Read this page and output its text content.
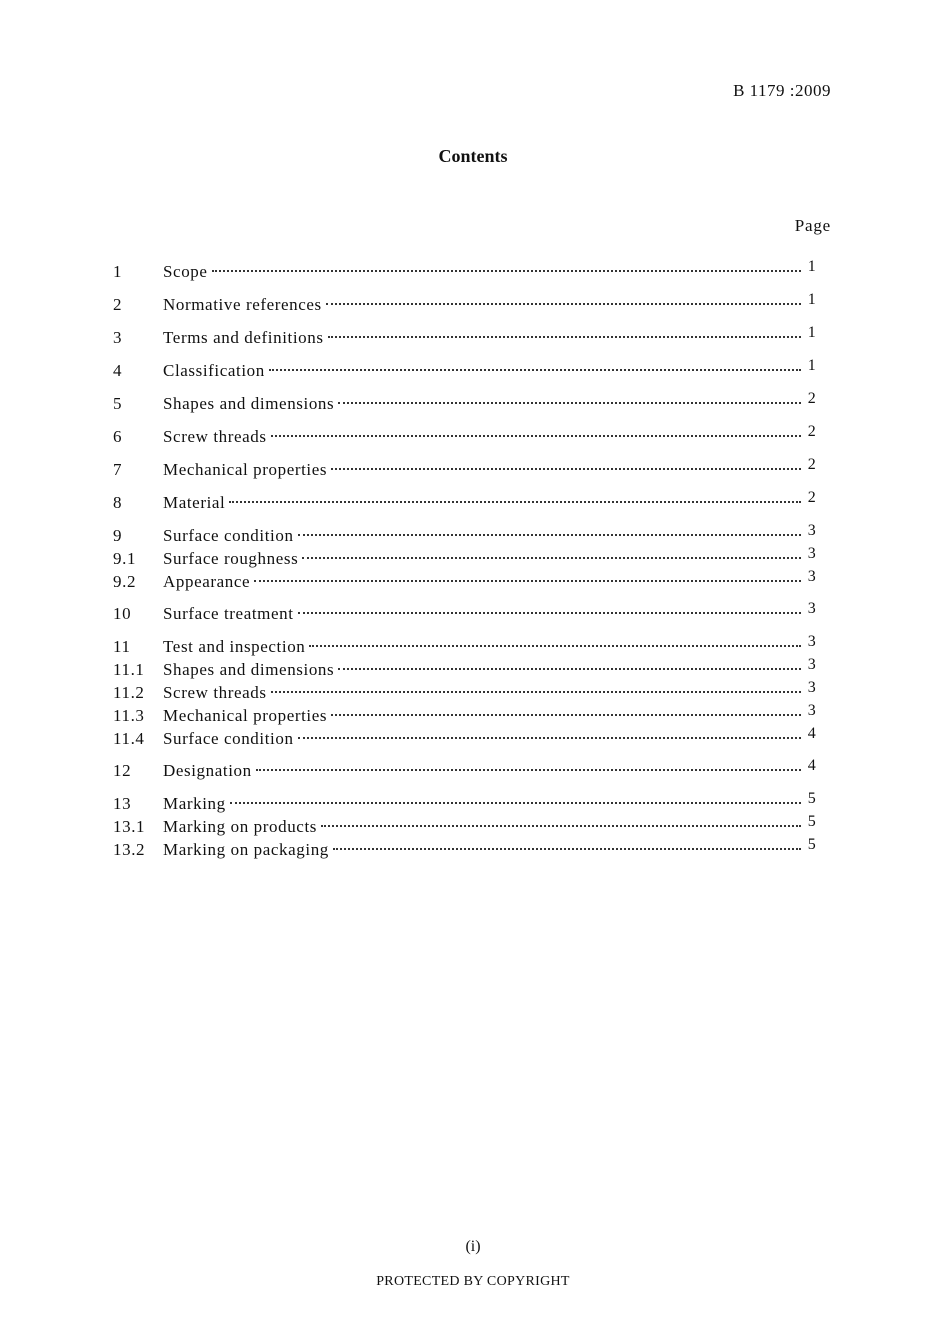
B 1179 :2009
Contents
Page
1	Scope	1
2	Normative references	1
3	Terms and definitions	1
4	Classification	1
5	Shapes and dimensions	2
6	Screw threads	2
7	Mechanical properties	2
8	Material	2
9	Surface condition	3
9.1	Surface roughness	3
9.2	Appearance	3
10	Surface treatment	3
11	Test and inspection	3
11.1	Shapes and dimensions	3
11.2	Screw threads	3
11.3	Mechanical properties	3
11.4	Surface condition	4
12	Designation	4
13	Marking	5
13.1	Marking on products	5
13.2	Marking on packaging	5
(i)
PROTECTED BY COPYRIGHT
